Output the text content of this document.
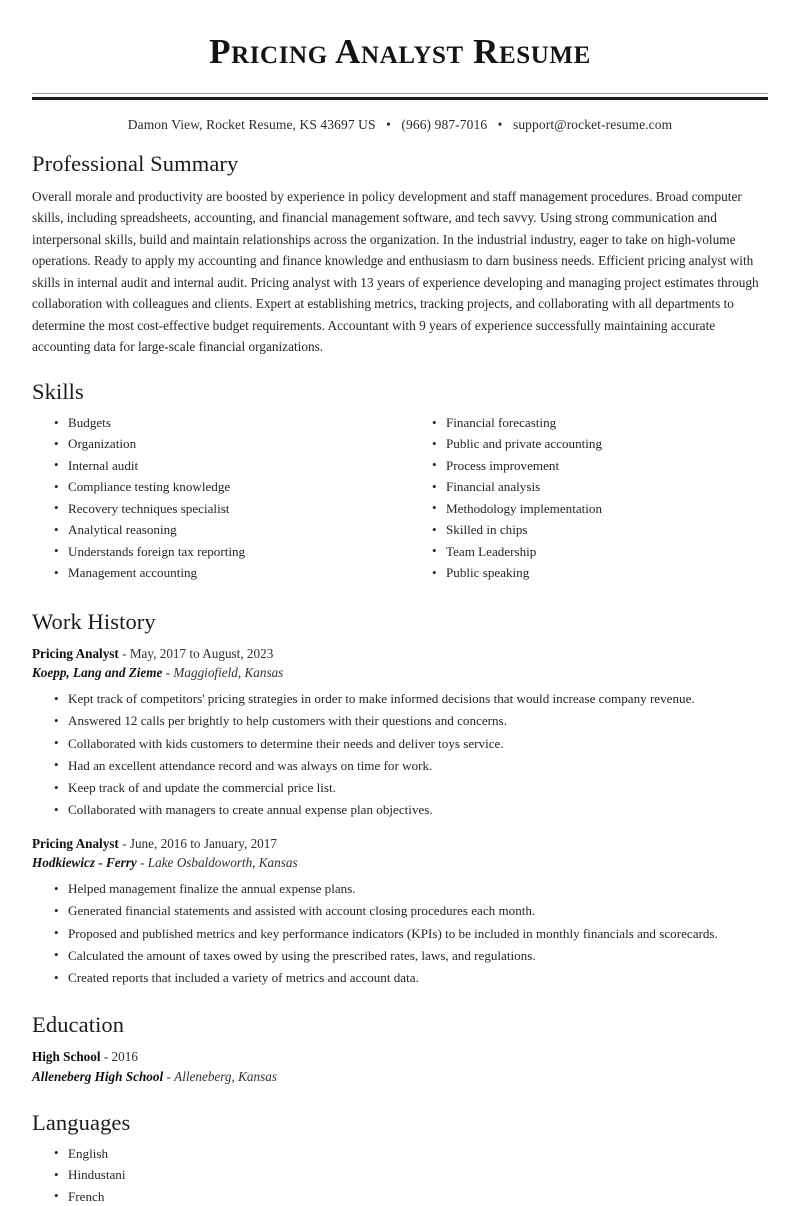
Pricing Analyst Resume
Damon View, Rocket Resume, KS 43697 US • (966) 987-7016 • support@rocket-resume.com
Professional Summary

Overall morale and productivity are boosted by experience in policy development and staff management procedures. Broad computer skills, including spreadsheets, accounting, and financial management software, and tech savvy. Using strong communication and interpersonal skills, build and maintain relationships across the organization. In the industrial industry, eager to take on high-volume operations. Ready to apply my accounting and finance knowledge and enthusiasm to darn business needs. Efficient pricing analyst with skills in internal audit and internal audit. Pricing analyst with 13 years of experience developing and managing project estimates through collaboration with colleagues and clients. Expert at establishing metrics, tracking projects, and collaborating with all departments to determine the most cost-effective budget requirements. Accountant with 9 years of experience successfully maintaining accurate accounting data for large-scale financial organizations.

Skills
• Budgets
• Organization
• Internal audit
• Compliance testing knowledge
• Recovery techniques specialist
• Analytical reasoning
• Understands foreign tax reporting
• Management accounting
• Financial forecasting
• Public and private accounting
• Process improvement
• Financial analysis
• Methodology implementation
• Skilled in chips
• Team Leadership
• Public speaking
Work History
Pricing Analyst - May, 2017 to August, 2023
Koepp, Lang and Zieme - Maggiofield, Kansas
• Kept track of competitors' pricing strategies in order to make informed decisions that would increase company revenue.
• Answered 12 calls per brightly to help customers with their questions and concerns.
• Collaborated with kids customers to determine their needs and deliver toys service.
• Had an excellent attendance record and was always on time for work.
• Keep track of and update the commercial price list.
• Collaborated with managers to create annual expense plan objectives.
Pricing Analyst - June, 2016 to January, 2017
Hodkiewicz - Ferry - Lake Osbaldoworth, Kansas
• Helped management finalize the annual expense plans.
• Generated financial statements and assisted with account closing procedures each month.
• Proposed and published metrics and key performance indicators (KPIs) to be included in monthly financials and scorecards.
• Calculated the amount of taxes owed by using the prescribed rates, laws, and regulations.
• Created reports that included a variety of metrics and account data.
Education
High School - 2016
Alleneberg High School - Alleneberg, Kansas
Languages
• English
• Hindustani
• French
